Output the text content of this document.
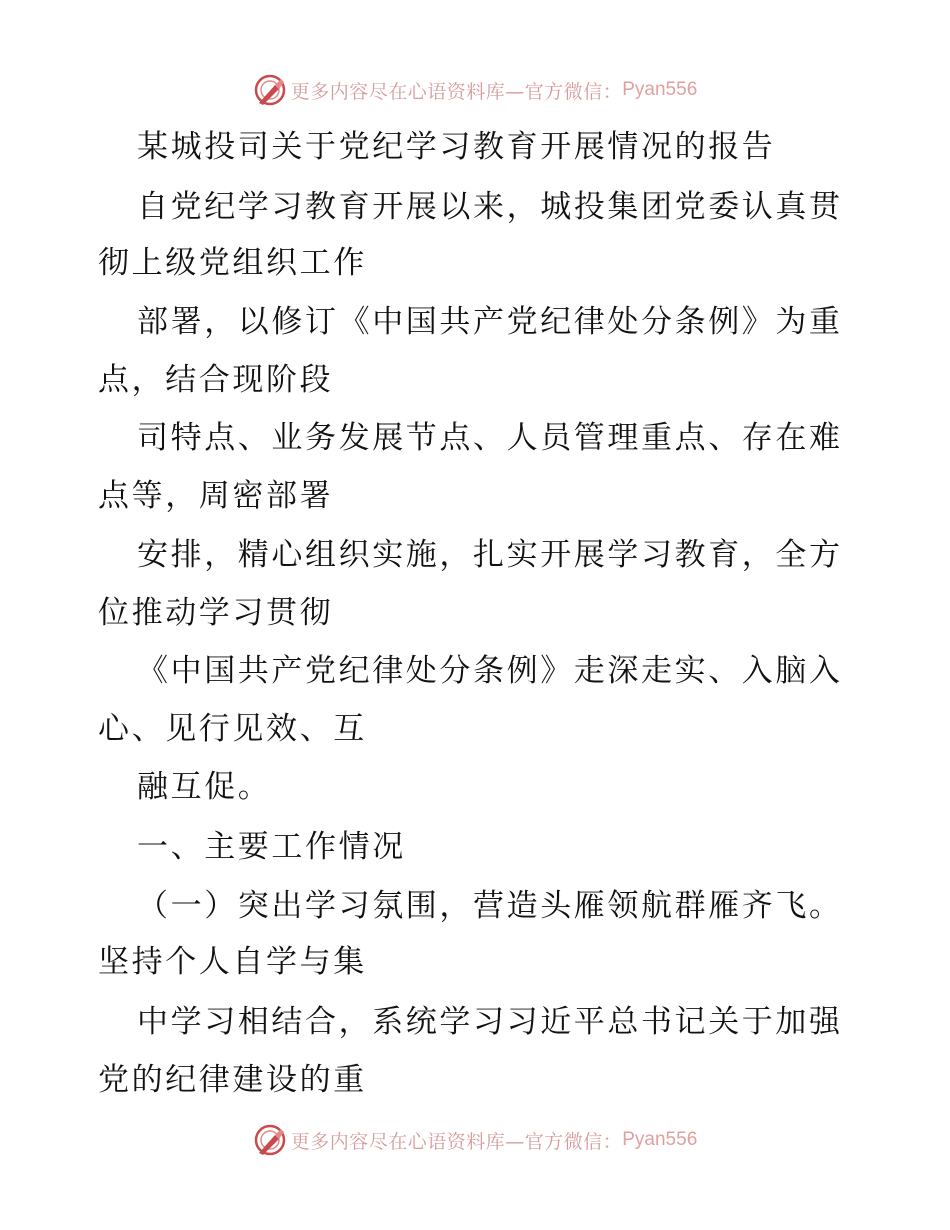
更多内容尽在心语资料库—官方微信： Pyan556
某城投司关于党纪学习教育开展情况的报告
自党纪学习教育开展以来，城投集团党委认真贯
彻上级党组织工作
部署，以修订《中国共产党纪律处分条例》为重
点，结合现阶段
司特点、业务发展节点、人员管理重点、存在难
点等，周密部署
安排，精心组织实施，扎实开展学习教育，全方
位推动学习贯彻
《中国共产党纪律处分条例》走深走实、入脑入
心、见行见效、互
融互促。
一、主要工作情况
（一）突出学习氛围，营造头雁领航群雁齐飞。
坚持个人自学与集
中学习相结合，系统学习习近平总书记关于加强
党的纪律建设的重
更多内容尽在心语资料库—官方微信： Pyan556
